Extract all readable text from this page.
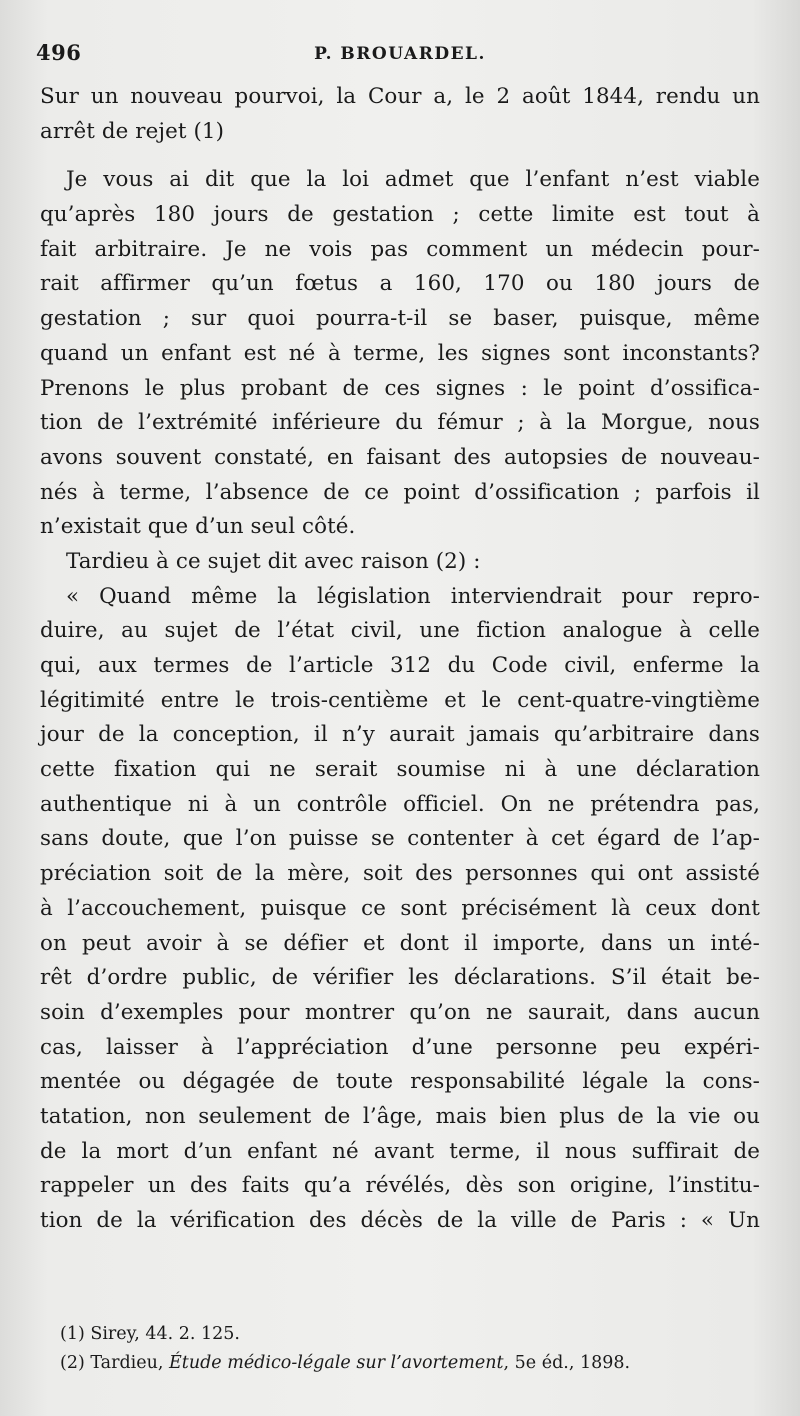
496	P. BROUARDEL.
Sur un nouveau pourvoi, la Cour a, le 2 août 1844, rendu un
arrêt de rejet (1)
Je vous ai dit que la loi admet que l’enfant n’est viable
qu’après 180 jours de gestation ; cette limite est tout à
fait arbitraire. Je ne vois pas comment un médecin pour-
rait affirmer qu’un fœtus a 160, 170 ou 180 jours de
gestation ; sur quoi pourra-t-il se baser, puisque, même
quand un enfant est né à terme, les signes sont inconstants?
Prenons le plus probant de ces signes : le point d’ossifica-
tion de l’extrémité inférieure du fémur ; à la Morgue, nous
avons souvent constaté, en faisant des autopsies de nouveau-
nés à terme, l’absence de ce point d’ossification ; parfois il
n’existait que d’un seul côté.
Tardieu à ce sujet dit avec raison (2) :
« Quand même la législation interviendrait pour repro-
duire, au sujet de l’état civil, une fiction analogue à celle
qui, aux termes de l’article 312 du Code civil, enferme la
légitimité entre le trois-centième et le cent-quatre-vingtième
jour de la conception, il n’y aurait jamais qu’arbitraire dans
cette fixation qui ne serait soumise ni à une déclaration
authentique ni à un contrôle officiel. On ne prétendra pas,
sans doute, que l’on puisse se contenter à cet égard de l’ap-
préciation soit de la mère, soit des personnes qui ont assisté
à l’accouchement, puisque ce sont précisément là ceux dont
on peut avoir à se défier et dont il importe, dans un inté-
rêt d’ordre public, de vérifier les déclarations. S’il était be-
soin d’exemples pour montrer qu’on ne saurait, dans aucun
cas, laisser à l’appréciation d’une personne peu expéri-
mentée ou dégagée de toute responsabilité légale la cons-
tatation, non seulement de l’âge, mais bien plus de la vie ou
de la mort d’un enfant né avant terme, il nous suffirait de
rappeler un des faits qu’a révélés, dès son origine, l’institu-
tion de la vérification des décès de la ville de Paris : « Un
(1) Sirey, 44. 2. 125.
(2) Tardieu, Étude médico-légale sur l’avortement, 5e éd., 1898.
